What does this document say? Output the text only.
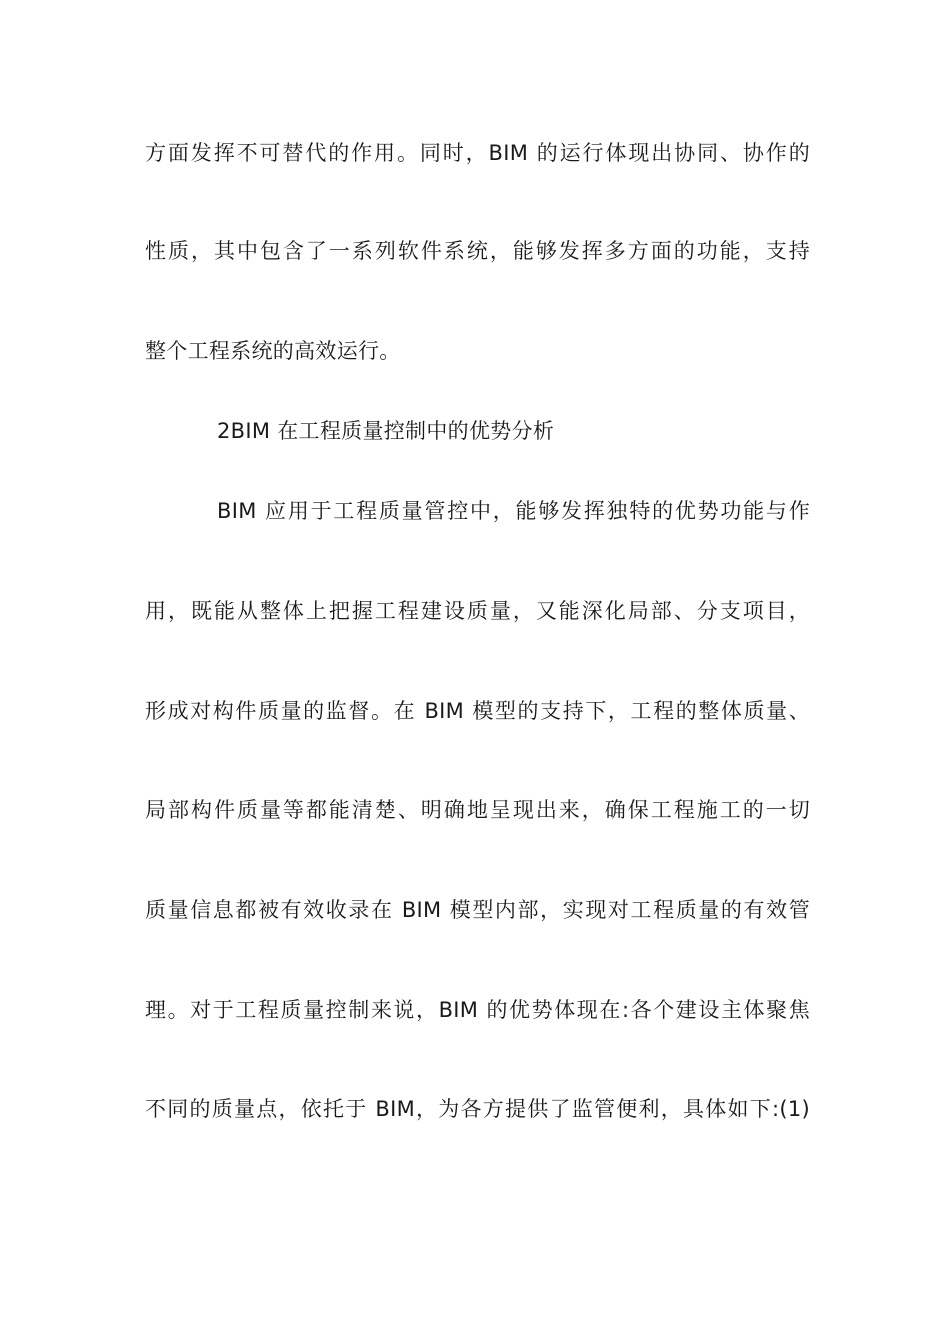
方面发挥不可替代的作用。同时，BIM 的运行体现出协同、协作的
性质，其中包含了一系列软件系统，能够发挥多方面的功能，支持
整个工程系统的高效运行。
2BIM 在工程质量控制中的优势分析
BIM 应用于工程质量管控中，能够发挥独特的优势功能与作
用，既能从整体上把握工程建设质量，又能深化局部、分支项目，
形成对构件质量的监督。在 BIM 模型的支持下，工程的整体质量、
局部构件质量等都能清楚、明确地呈现出来，确保工程施工的一切
质量信息都被有效收录在 BIM 模型内部，实现对工程质量的有效管
理。对于工程质量控制来说，BIM 的优势体现在:各个建设主体聚焦
不同的质量点，依托于 BIM，为各方提供了监管便利，具体如下:(1)
